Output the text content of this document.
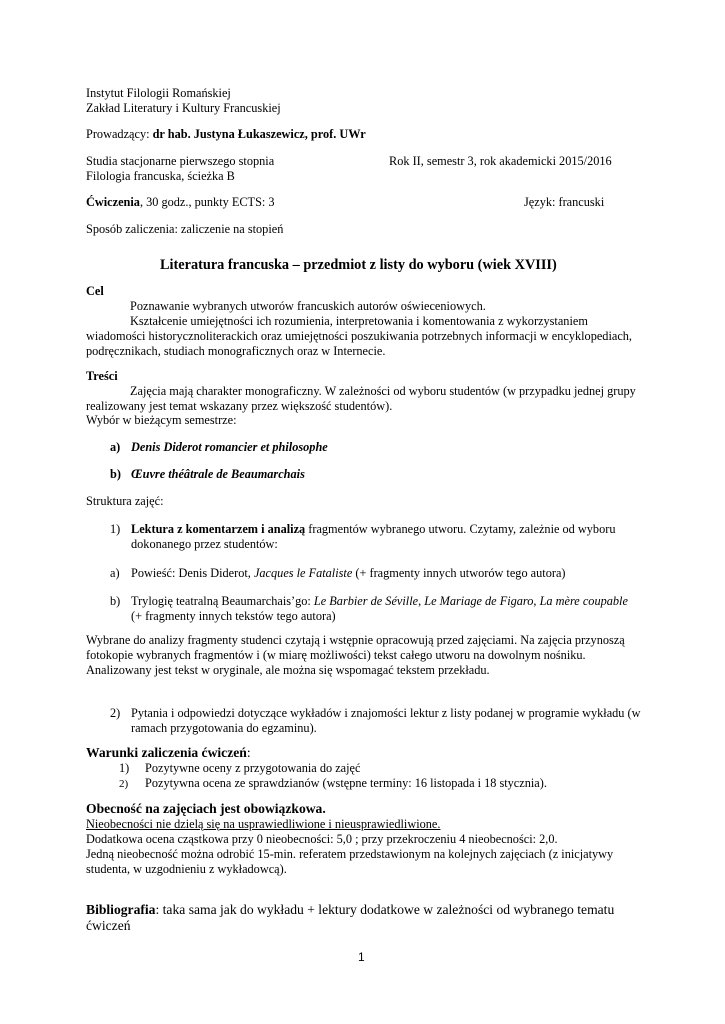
Instytut Filologii Romańskiej
Zakład Literatury i Kultury Francuskiej
Prowadzący: dr hab. Justyna Łukaszewicz, prof. UWr
Studia stacjonarne pierwszego stopnia	Rok II, semestr 3, rok akademicki 2015/2016
Filologia francuska, ścieżka B
Ćwiczenia, 30 godz., punkty ECTS: 3	Język: francuski
Sposób zaliczenia: zaliczenie na stopień
Literatura francuska – przedmiot z listy do wyboru (wiek XVIII)
Cel
Poznawanie wybranych utworów francuskich autorów oświeceniowych.
Kształcenie umiejętności ich rozumienia, interpretowania i komentowania z wykorzystaniem
wiadomości historycznoliterackich oraz umiejętności poszukiwania potrzebnych informacji w encyklopediach,
podręcznikach, studiach monograficznych oraz w Internecie.
Treści
Zajęcia mają charakter monograficzny. W zależności od wyboru studentów (w przypadku jednej grupy
realizowany jest temat wskazany przez większość studentów).
Wybór w bieżącym semestrze:
a) Denis Diderot romancier et philosophe
b) Œuvre théâtrale de Beaumarchais
Struktura zajęć:
1) Lektura z komentarzem i analizą fragmentów wybranego utworu. Czytamy, zależnie od wyboru
dokonanego przez studentów:
a) Powieść: Denis Diderot, Jacques le Fataliste (+ fragmenty innych utworów tego autora)
b) Trylogię teatralną Beaumarchais’go: Le Barbier de Séville, Le Mariage de Figaro, La mère coupable
(+ fragmenty innych tekstów tego autora)
Wybrane do analizy fragmenty studenci czytają i wstępnie opracowują przed zajęciami. Na zajęcia przynoszą
fotokopie wybranych fragmentów i (w miarę możliwości) tekst całego utworu na dowolnym nośniku.
Analizowany jest tekst w oryginale, ale można się wspomagać tekstem przekładu.
2) Pytania i odpowiedzi dotyczące wykładów i znajomości lektur z listy podanej w programie wykładu (w
ramach przygotowania do egzaminu).
Warunki zaliczenia ćwiczeń:
1) Pozytywne oceny z przygotowania do zajęć
2) Pozytywna ocena ze sprawdzianów (wstępne terminy: 16 listopada i 18 stycznia).
Obecność na zajęciach jest obowiązkowa.
Nieobecności nie dzielą się na usprawiedliwione i nieusprawiedliwione.
Dodatkowa ocena cząstkowa przy 0 nieobecności: 5,0 ; przy przekroczeniu 4 nieobecności: 2,0.
Jedną nieobecność można odrobić 15-min. referatem przedstawionym na kolejnych zajęciach (z inicjatywy
studenta, w uzgodnieniu z wykładowcą).
Bibliografia: taka sama jak do wykładu + lektury dodatkowe w zależności od wybranego tematu
ćwiczeń
1
